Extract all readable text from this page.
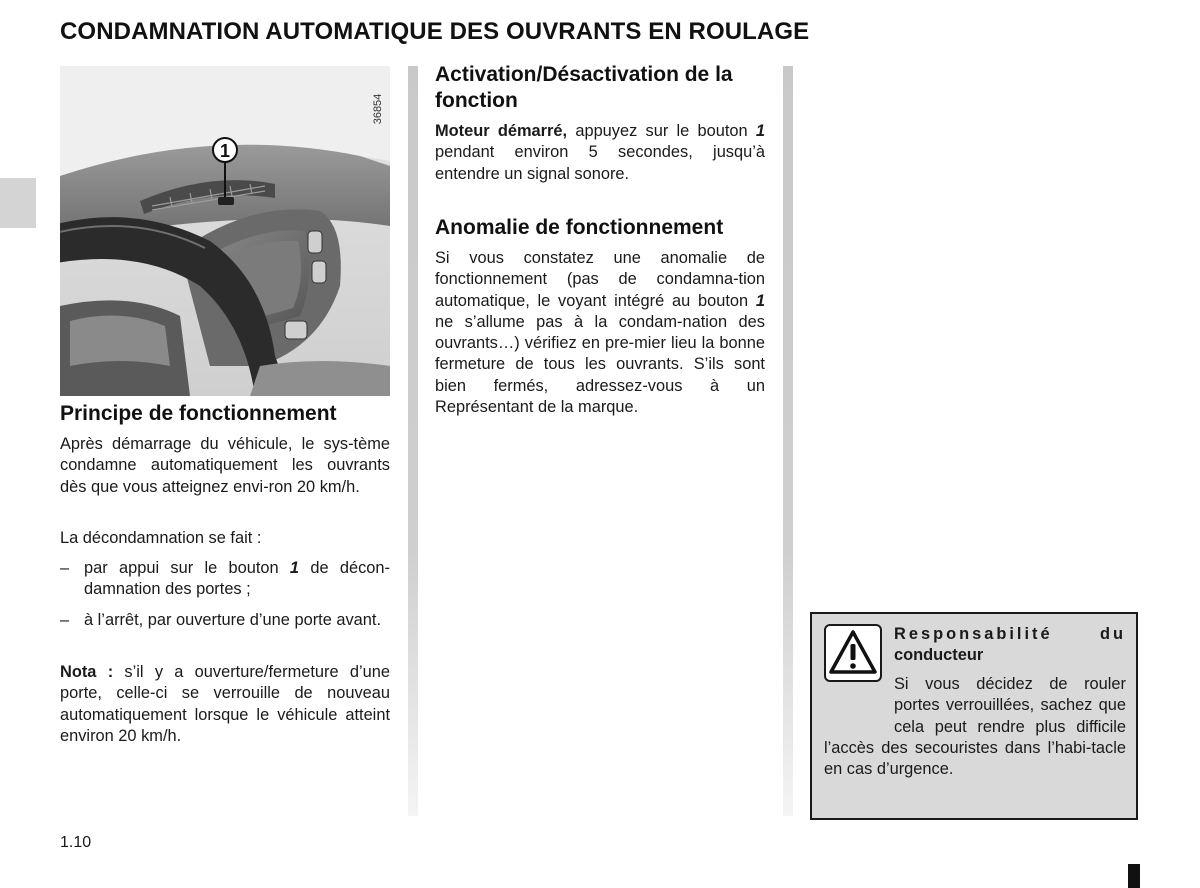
CONDAMNATION AUTOMATIQUE DES OUVRANTS EN ROULAGE
1
36854
Principe de fonctionnement
Après démarrage du véhicule, le sys-tème condamne automatiquement les ouvrants dès que vous atteignez envi-ron 20 km/h.
La décondamnation se fait :
– par appui sur le bouton 1 de décon-damnation des portes ;
– à l’arrêt, par ouverture d’une porte avant.
Nota : s’il y a ouverture/fermeture d’une porte, celle-ci se verrouille de nouveau automatiquement lorsque le véhicule atteint environ 20 km/h.
Activation/Désactivation de la fonction
Moteur démarré, appuyez sur le bouton 1 pendant environ 5 secondes, jusqu’à entendre un signal sonore.
Anomalie de fonctionnement
Si vous constatez une anomalie de fonctionnement (pas de condamna-tion automatique, le voyant intégré au bouton 1 ne s’allume pas à la condam-nation des ouvrants…) vérifiez en pre-mier lieu la bonne fermeture de tous les ouvrants. S’ils sont bien fermés, adressez-vous à un Représentant de la marque.
Responsabilité du
conducteur
Si vous décidez de rouler portes verrouillées, sachez que cela peut rendre plus difficile l’accès des secouristes dans l’habi-tacle en cas d’urgence.
1.10
